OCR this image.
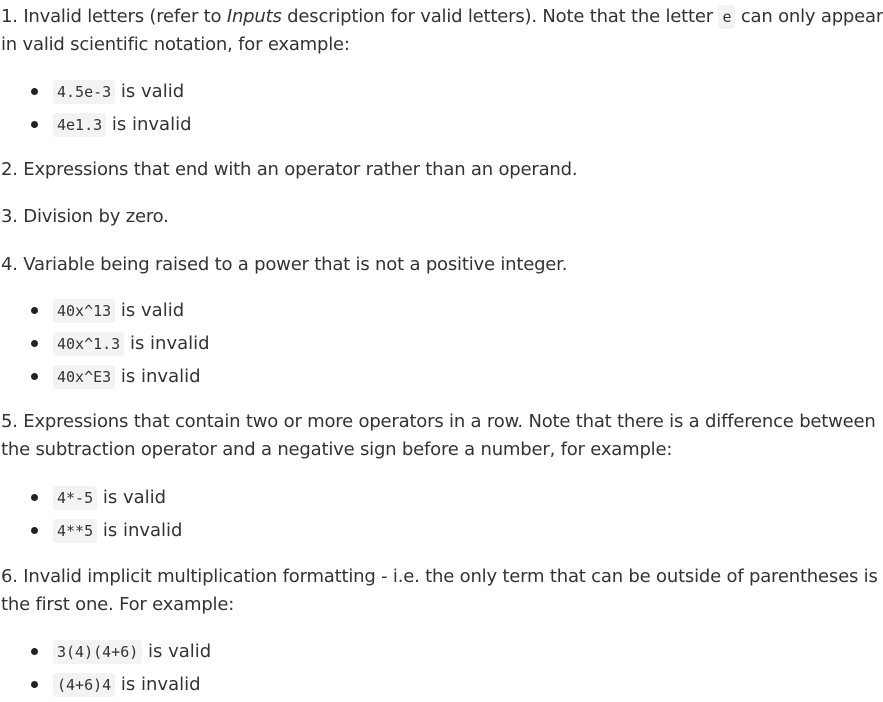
1. Invalid letters (refer to Inputs description for valid letters). Note that the letter e can only appear
in valid scientific notation, for example:
4.5e-3 is valid
4e1.3 is invalid
2. Expressions that end with an operator rather than an operand.
3. Division by zero.
4. Variable being raised to a power that is not a positive integer.
40x^13 is valid
40x^1.3 is invalid
40x^E3 is invalid
5. Expressions that contain two or more operators in a row. Note that there is a difference between
the subtraction operator and a negative sign before a number, for example:
4*-5 is valid
4**5 is invalid
6. Invalid implicit multiplication formatting - i.e. the only term that can be outside of parentheses is
the first one. For example:
3(4)(4+6) is valid
(4+6)4 is invalid
